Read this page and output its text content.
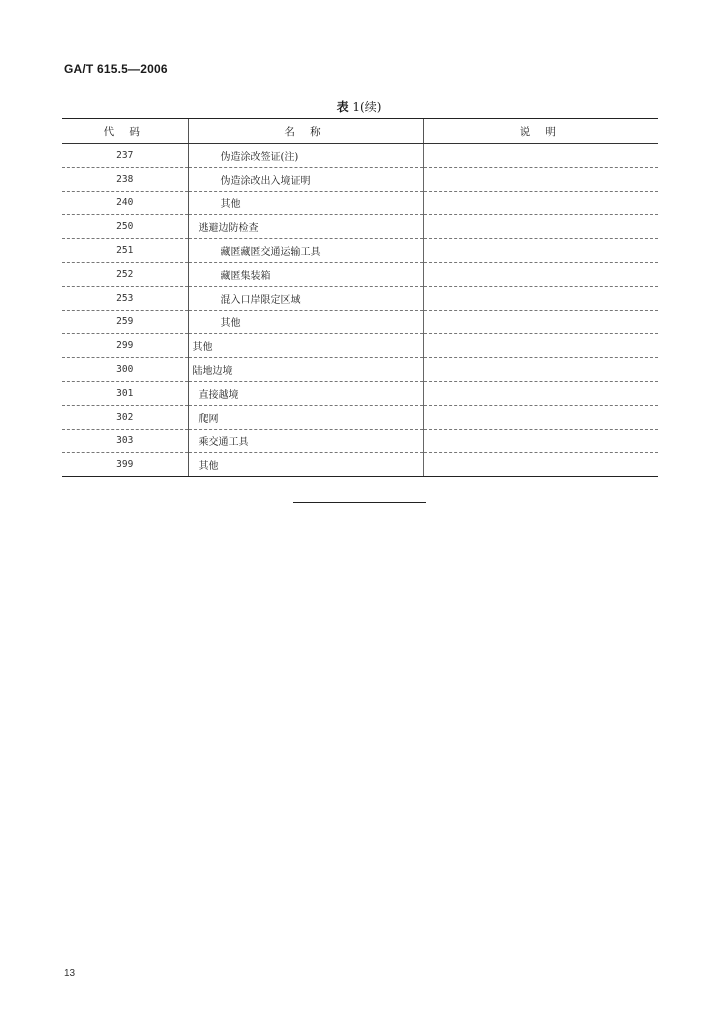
GA/T 615.5—2006
表 1(续)
代 码	名 称	说 明
237	伪造涂改签证(注)	
238	伪造涂改出入境证明	
240	其他	
250	逃避边防检查	
251	藏匿藏匿交通运输工具	
252	藏匿集装箱	
253	混入口岸限定区域	
259	其他	
299	其他	
300	陆地边境	
301	直接越境	
302	爬网	
303	乘交通工具	
399	其他	
13
